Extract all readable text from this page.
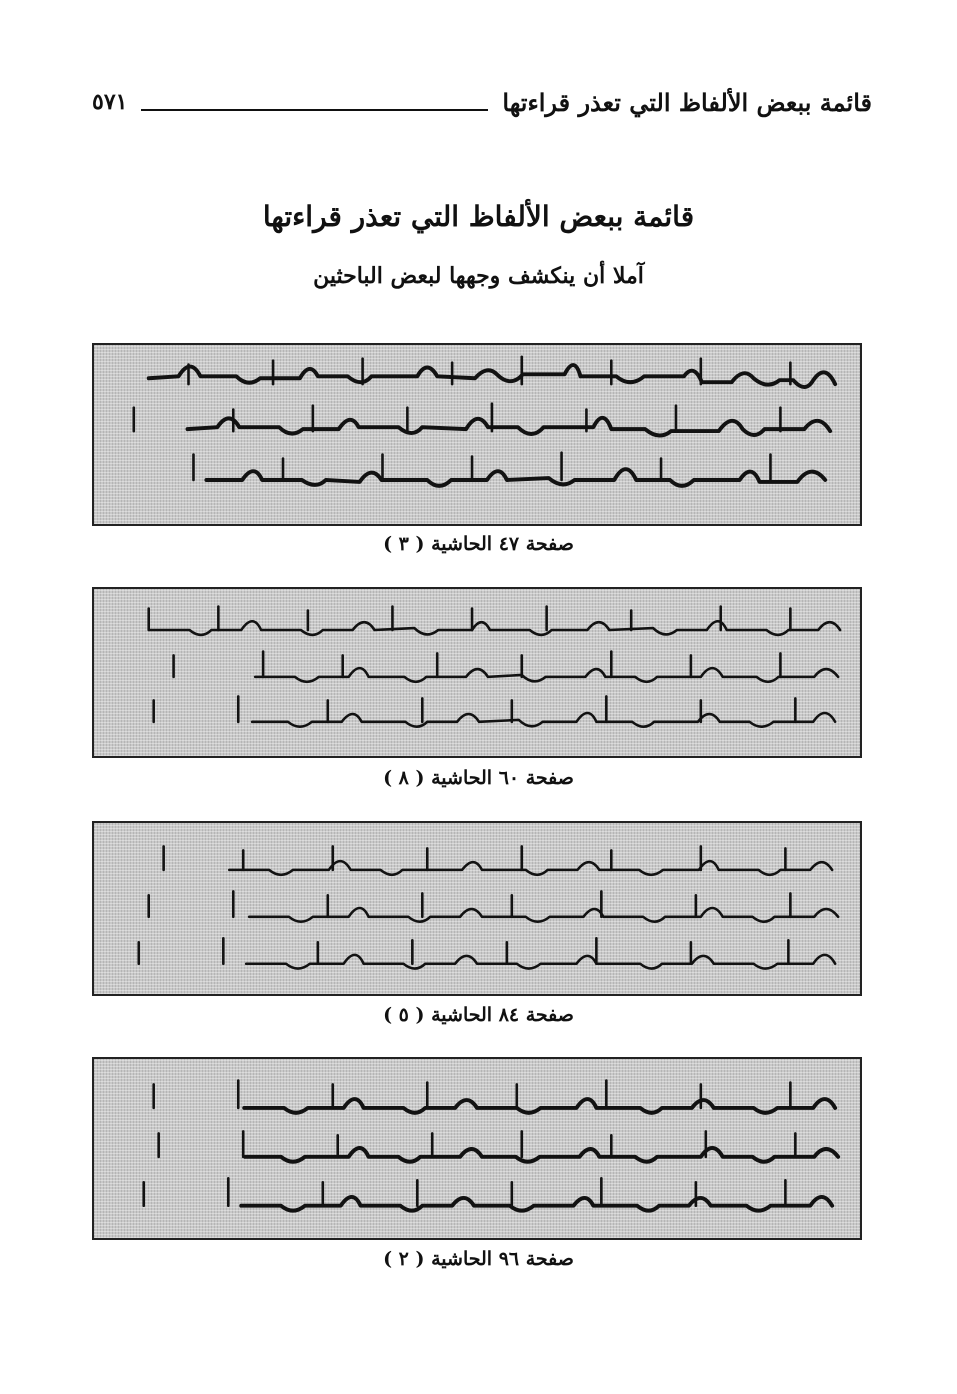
قائمة ببعض الألفاظ التي تعذر قراءتها
٥٧١
قائمة ببعض الألفاظ التي تعذر قراءتها
آملا أن ينكشف وجهها لبعض الباحثين
صفحة ٤٧ الحاشية ( ٣ )
صفحة ٦٠ الحاشية ( ٨ )
صفحة ٨٤ الحاشية ( ٥ )
صفحة ٩٦ الحاشية ( ٢ )
